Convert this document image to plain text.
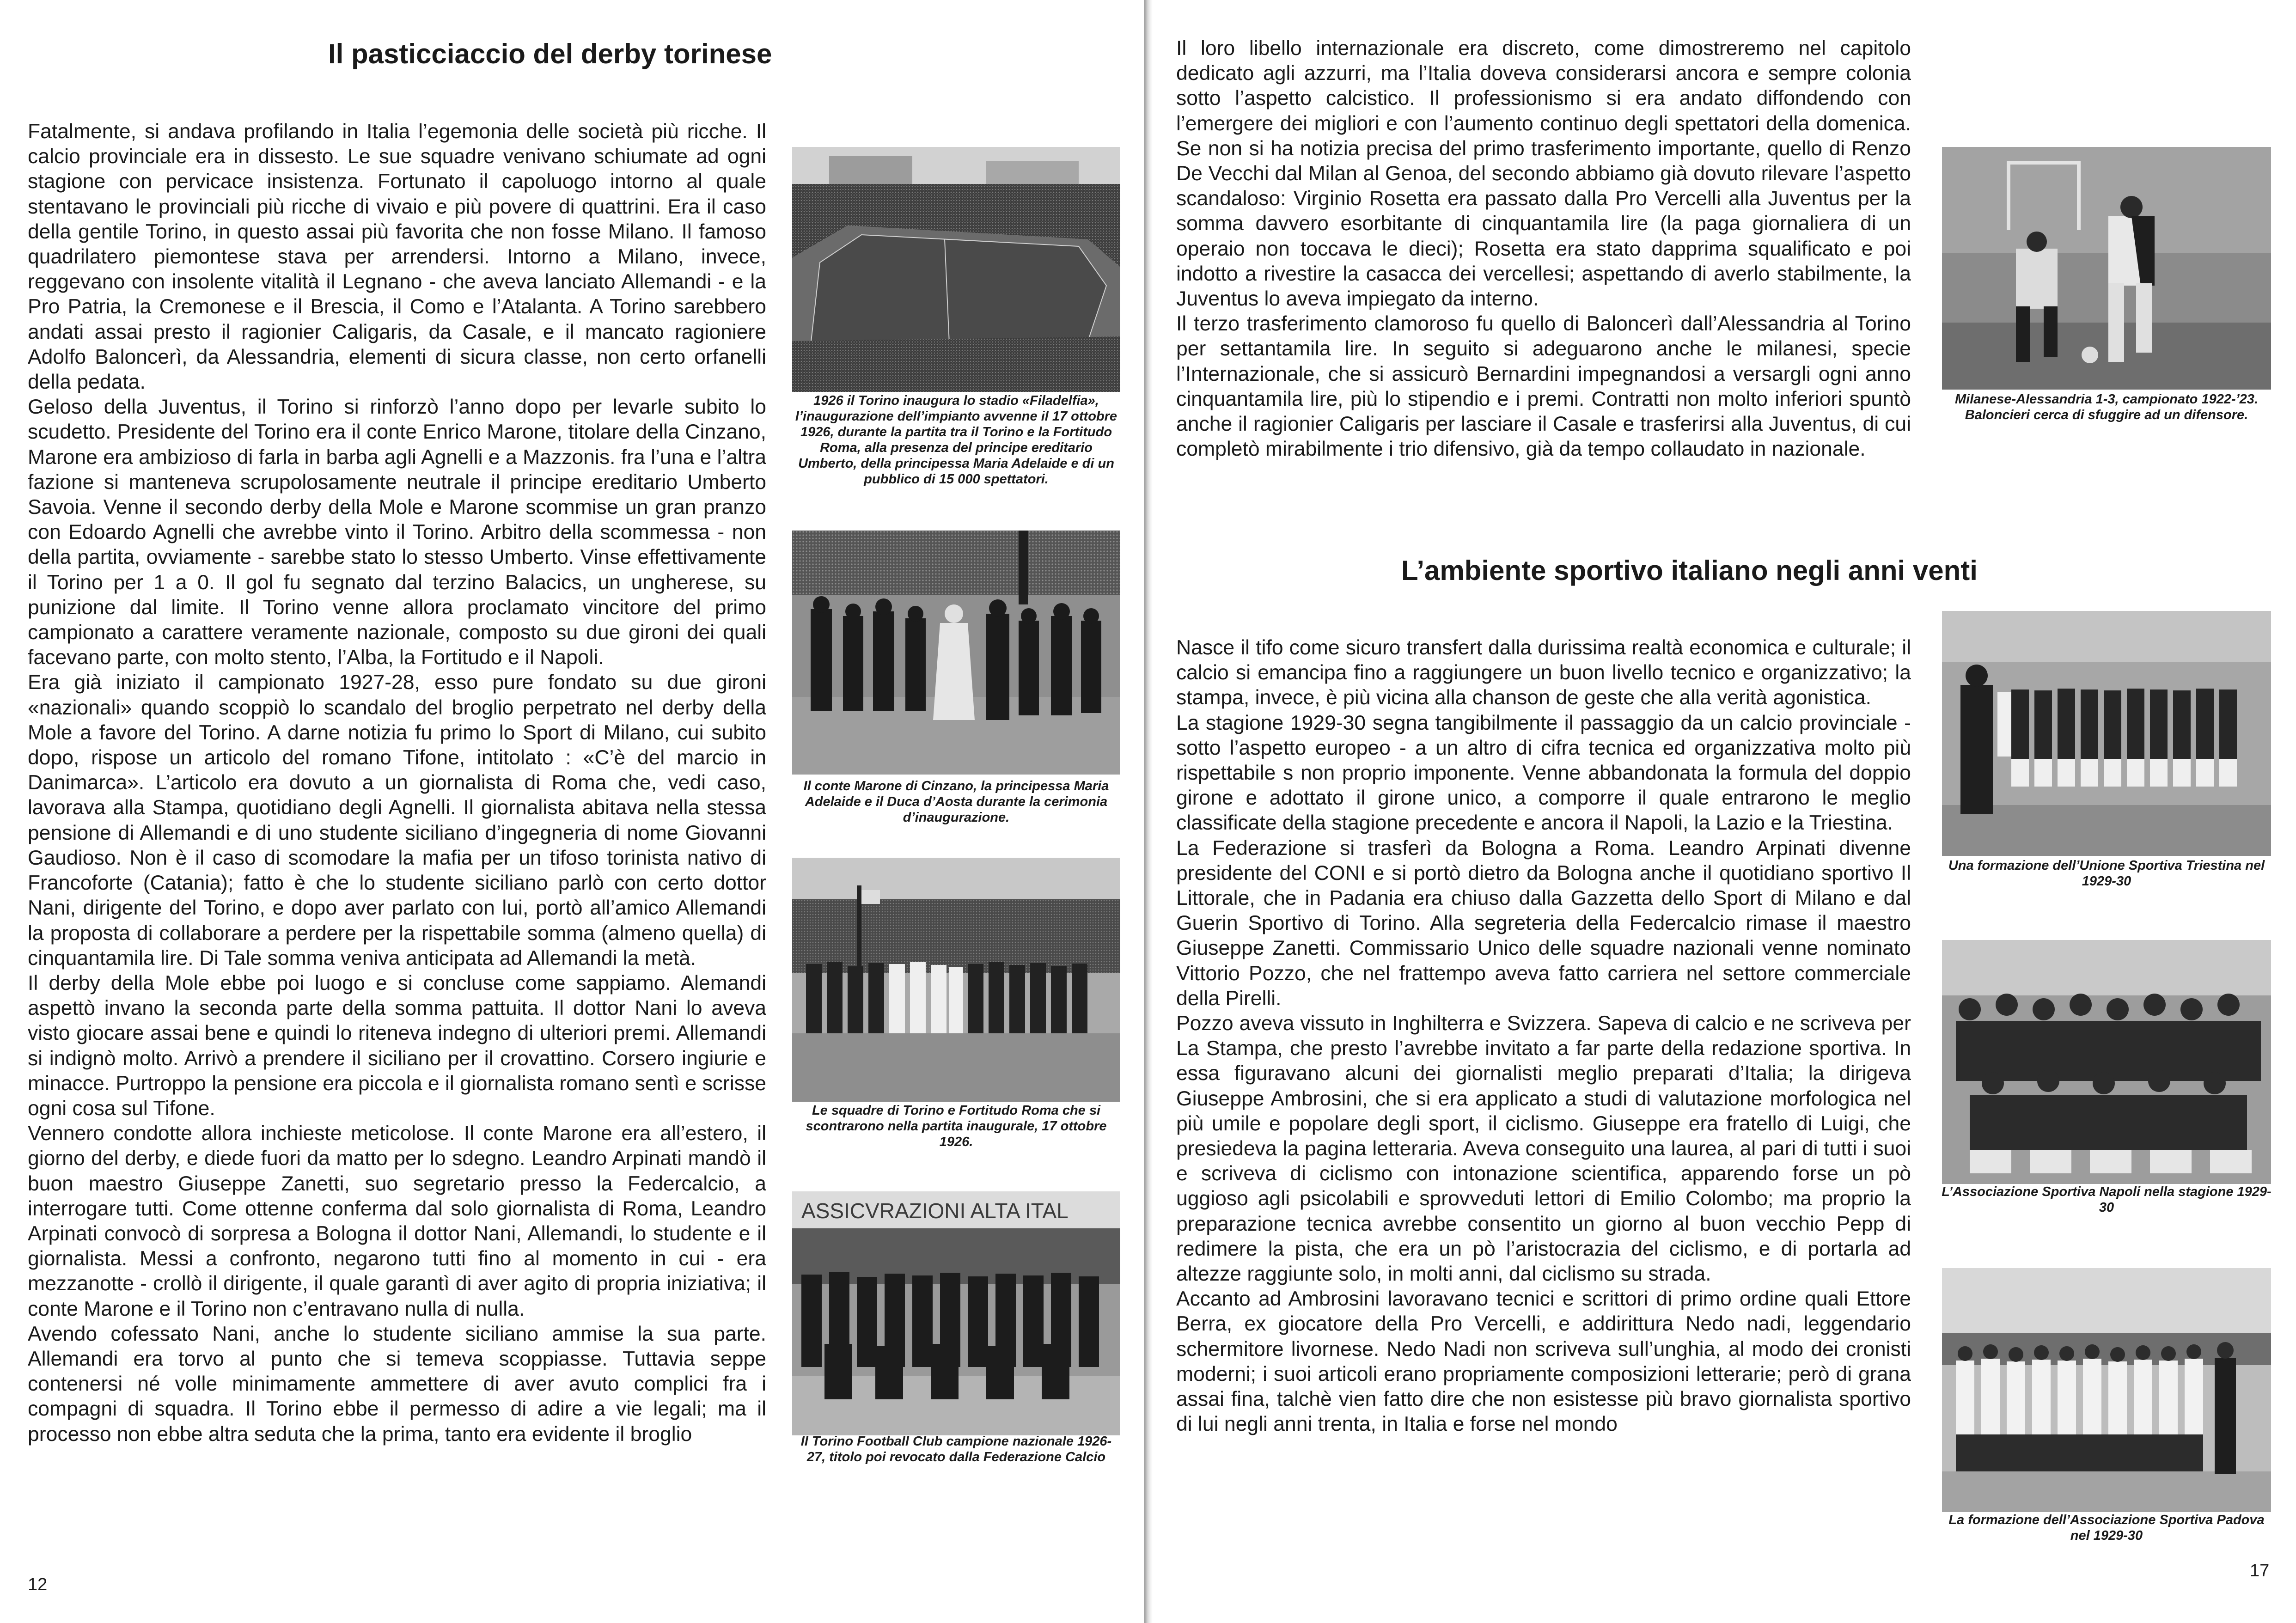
Il pasticciaccio del derby torinese

Fatalmente, si andava profilando in Italia l’egemonia delle società più ricche. Il calcio provinciale era in dissesto. Le sue squadre venivano schiumate ad ogni stagione con pervicace insistenza. Fortunato il capoluogo intorno al quale stentavano le provinciali più ricche di vivaio e più povere di quattrini. Era il caso della gentile Torino, in questo assai più favorita che non fosse Milano. Il famoso quadrilatero piemontese stava per arrendersi. Intorno a Milano, invece, reggevano con insolente vitalità il Legnano - che aveva lanciato Allemandi - e la Pro Patria, la Cremonese e il Brescia, il Como e l’Atalanta. A Torino sarebbero andati assai presto il ragionier Caligaris, da Casale, e il mancato ragioniere Adolfo Baloncerì, da Alessandria, elementi di sicura classe, non certo orfanelli della pedata.

Geloso della Juventus, il Torino si rinforzò l’anno dopo per levarle subito lo scudetto. Presidente del Torino era il conte Enrico Marone, titolare della Cinzano, Marone era ambizioso di farla in barba agli Agnelli e a Mazzonis. fra l’una e l’altra fazione si manteneva scrupolosamente neutrale il principe ereditario Umberto Savoia. Venne il secondo derby della Mole e Marone scommise un gran pranzo con Edoardo Agnelli che avrebbe vinto il Torino. Arbitro della scommessa - non della partita, ovviamente - sarebbe stato lo stesso Umberto. Vinse effettivamente il Torino per 1 a 0. Il gol fu segnato dal terzino Balacics, un ungherese, su punizione dal limite. Il Torino venne allora proclamato vincitore del primo campionato a carattere veramente nazionale, composto su due gironi dei quali facevano parte, con molto stento, l’Alba, la Fortitudo e il Napoli.

Era già iniziato il campionato 1927-28, esso pure fondato su due gironi «nazionali» quando scoppiò lo scandalo del broglio perpetrato nel derby della Mole a favore del Torino. A darne notizia fu primo lo Sport di Milano, cui subito dopo, rispose un articolo del romano Tifone, intitolato : «C’è del marcio in Danimarca». L’articolo era dovuto a un giornalista di Roma che, vedi caso, lavorava alla Stampa, quotidiano degli Agnelli. Il giornalista abitava nella stessa pensione di Allemandi e di uno studente siciliano d’ingegneria di nome Giovanni Gaudioso. Non è il caso di scomodare la mafia per un tifoso torinista nativo di Francoforte (Catania); fatto è che lo studente siciliano parlò con certo dottor Nani, dirigente del Torino, e dopo aver parlato con lui, portò all’amico Allemandi la proposta di collaborare a perdere per la rispettabile somma (almeno quella) di cinquantamila lire. Di Tale somma veniva anticipata ad Allemandi la metà.

Il derby della Mole ebbe poi luogo e si concluse come sappiamo. Alemandi aspettò invano la seconda parte della somma pattuita. Il dottor Nani lo aveva visto giocare assai bene e quindi lo riteneva indegno di ulteriori premi. Allemandi si indignò molto. Arrivò a prendere il siciliano per il crovattino. Corsero ingiurie e minacce. Purtroppo la pensione era piccola e il giornalista romano sentì e scrisse ogni cosa sul Tifone.

Vennero condotte allora inchieste meticolose. Il conte Marone era all’estero, il giorno del derby, e diede fuori da matto per lo sdegno. Leandro Arpinati mandò il buon maestro Giuseppe Zanetti, suo segretario presso la Federcalcio, a interrogare tutti. Come ottenne conferma dal solo giornalista di Roma, Leandro Arpinati convocò di sorpresa a Bologna il dottor Nani, Allemandi, lo studente e il giornalista. Messi a confronto, negarono tutti fino al momento in cui - era mezzanotte - crollò il dirigente, il quale garantì di aver agito di propria iniziativa; il conte Marone e il Torino non c’entravano nulla di nulla.

Avendo cofessato Nani, anche lo studente siciliano ammise la sua parte. Allemandi era torvo al punto che si temeva scoppiasse. Tuttavia seppe contenersi né volle minimamente ammettere di aver avuto complici fra i compagni di squadra. Il Torino ebbe il permesso di adire a vie legali; ma il processo non ebbe altra seduta che la prima, tanto era evidente il broglio

1926 il Torino inaugura lo stadio «Filadelfia», l’inaugurazione dell’impianto avvenne il 17 ottobre 1926, durante la partita tra il Torino e la Fortitudo Roma, alla presenza del principe ereditario Umberto, della principessa Maria Adelaide e di un pubblico di 15 000 spettatori.

Il conte Marone di Cinzano, la principessa Maria Adelaide e il Duca d’Aosta durante la cerimonia d’inaugurazione.

Le squadre di Torino e Fortitudo Roma che si scontrarono nella partita inaugurale, 17 ottobre 1926.

ASSICVRAZIONI ALTA ITAL

Il Torino Football Club campione nazionale 1926-27, titolo poi revocato dalla Federazione Calcio

12

Il loro libello internazionale era discreto, come dimostreremo nel capitolo dedicato agli azzurri, ma l’Italia doveva considerarsi ancora e sempre colonia sotto l’aspetto calcistico. Il professionismo si era andato diffondendo con l’emergere dei migliori e con l’aumento continuo degli spettatori della domenica. Se non si ha notizia precisa del primo trasferimento importante, quello di Renzo De Vecchi dal Milan al Genoa, del secondo abbiamo già dovuto rilevare l’aspetto scandaloso: Virginio Rosetta era passato dalla Pro Vercelli alla Juventus per la somma davvero esorbitante di cinquantamila lire (la paga giornaliera di un operaio non toccava le dieci); Rosetta era stato dapprima squalificato e poi indotto a rivestire la casacca dei vercellesi; aspettando di averlo stabilmente, la Juventus lo aveva impiegato da interno.

Il terzo trasferimento clamoroso fu quello di Baloncerì dall’Alessandria al Torino per settantamila lire. In seguito si adeguarono anche le milanesi, specie l’Internazionale, che si assicurò Bernardini impegnandosi a versargli ogni anno cinquantamila lire, più lo stipendio e i premi. Contratti non molto inferiori spuntò anche il ragionier Caligaris per lasciare il Casale e trasferirsi alla Juventus, di cui completò mirabilmente i trio difensivo, già da tempo collaudato in nazionale.

L’ambiente sportivo italiano negli anni venti

Nasce il tifo come sicuro transfert dalla durissima realtà economica e culturale; il calcio si emancipa fino a raggiungere un buon livello tecnico e organizzativo; la stampa, invece, è più vicina alla chanson de geste che alla verità agonistica.

La stagione 1929-30 segna tangibilmente il passaggio da un calcio provinciale - sotto l’aspetto europeo - a un altro di cifra tecnica ed organizzativa molto più rispettabile s non proprio imponente. Venne abbandonata la formula del doppio girone e adottato il girone unico, a comporre il quale entrarono le meglio classificate della stagione precedente e ancora il Napoli, la Lazio e la Triestina.

La Federazione si trasferì da Bologna a Roma. Leandro Arpinati divenne presidente del CONI e si portò dietro da Bologna anche il quotidiano sportivo Il Littorale, che in Padania era chiuso dalla Gazzetta dello Sport di Milano e dal Guerin Sportivo di Torino. Alla segreteria della Federcalcio rimase il maestro Giuseppe Zanetti. Commissario Unico delle squadre nazionali venne nominato Vittorio Pozzo, che nel frattempo aveva fatto carriera nel settore commerciale della Pirelli.

Pozzo aveva vissuto in Inghilterra e Svizzera. Sapeva di calcio e ne scriveva per La Stampa, che presto l’avrebbe invitato a far parte della redazione sportiva. In essa figuravano alcuni dei giornalisti meglio preparati d’Italia; la dirigeva Giuseppe Ambrosini, che si era applicato a studi di valutazione morfologica nel più umile e popolare degli sport, il ciclismo. Giuseppe era fratello di Luigi, che presiedeva la pagina letteraria. Aveva conseguito una laurea, al pari di tutti i suoi e scriveva di ciclismo con intonazione scientifica, apparendo forse un pò uggioso agli psicolabili e sprovveduti lettori di Emilio Colombo; ma proprio la preparazione tecnica avrebbe consentito un giorno al buon vecchio Pepp di redimere la pista, che era un pò l’aristocrazia del ciclismo, e di portarla ad altezze raggiunte solo, in molti anni, dal ciclismo su strada.

Accanto ad Ambrosini lavoravano tecnici e scrittori di primo ordine quali Ettore Berra, ex giocatore della Pro Vercelli, e addirittura Nedo nadi, leggendario schermitore livornese. Nedo Nadi non scriveva sull’unghia, al modo dei cronisti moderni; i suoi articoli erano propriamente composizioni letterarie; però di grana assai fina, talchè vien fatto dire che non esistesse più bravo giornalista sportivo di lui negli anni trenta, in Italia e forse nel mondo

Milanese-Alessandria 1-3, campionato 1922-’23. Baloncieri cerca di sfuggire ad un difensore.

Una formazione dell’Unione Sportiva Triestina nel 1929-30

L’Associazione Sportiva Napoli nella stagione 1929-30

La formazione dell’Associazione Sportiva Padova nel 1929-30

17
